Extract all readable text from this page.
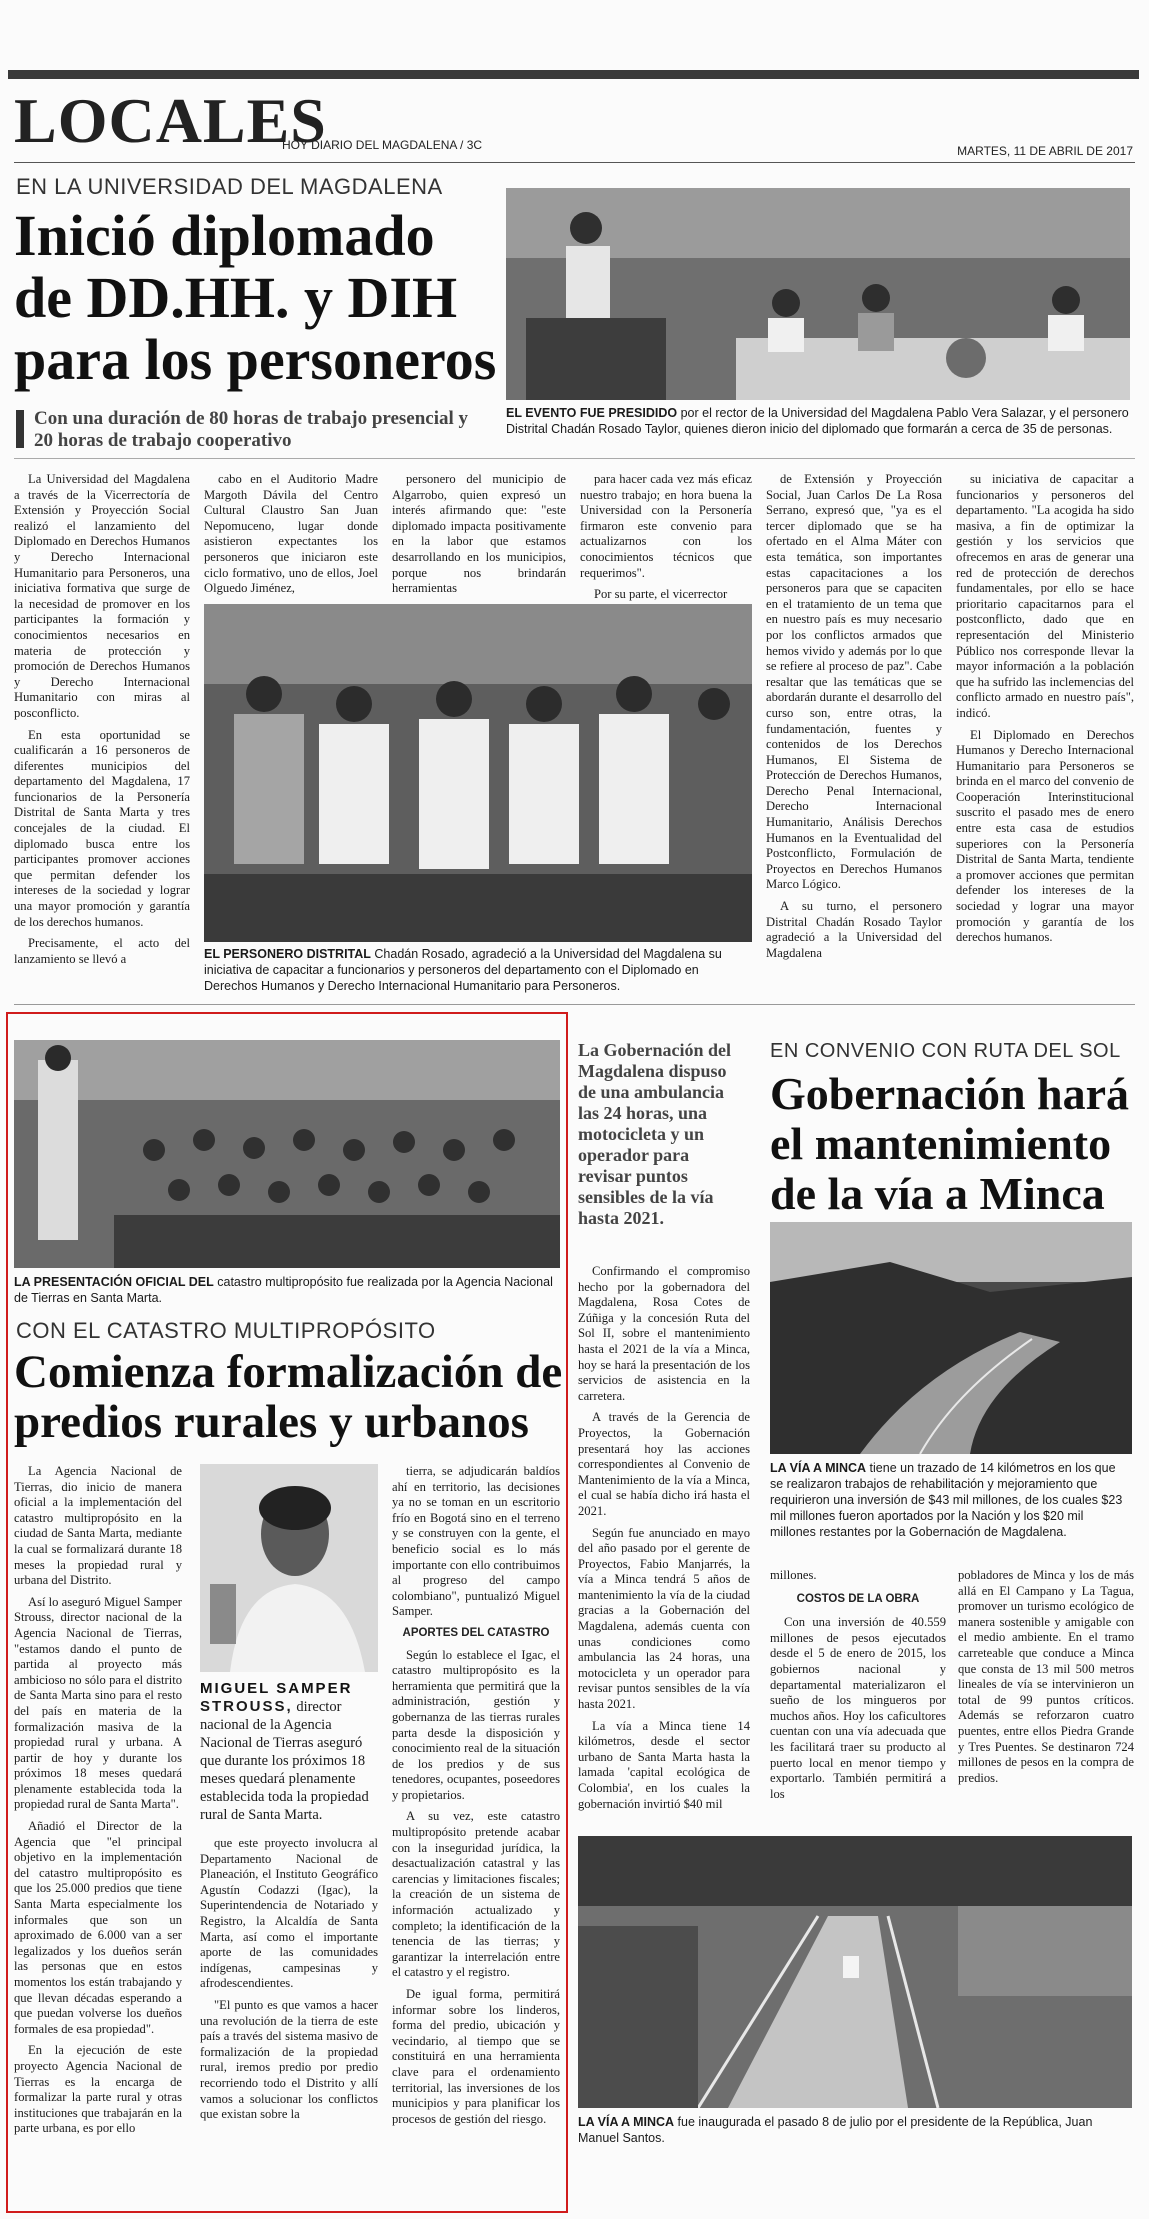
LOCALES
HOY DIARIO DEL MAGDALENA / 3C	MARTES, 11 DE ABRIL DE 2017
EN LA UNIVERSIDAD DEL MAGDALENA
Inició diplomado
de DD.HH. y DIH
para los personeros
Con una duración de 80 horas de trabajo presencial y 20 horas de trabajo cooperativo
EL EVENTO FUE PRESIDIDO por el rector de la Universidad del Magdalena Pablo Vera Salazar, y el personero Distrital Chadán Rosado Taylor, quienes dieron inicio del diplomado que formarán a cerca de 35 de personas.

La Universidad del Magdalena a través de la Vicerrectoría de Extensión y Proyección Social realizó el lanzamiento del Diplomado en Derechos Humanos y Derecho Internacional Humanitario para Personeros, una iniciativa formativa que surge de la necesidad de promover en los participantes la formación y conocimientos necesarios en materia de protección y promoción de Derechos Humanos y Derecho Internacional Humanitario con miras al posconflicto.

En esta oportunidad se cualificarán a 16 personeros de diferentes municipios del departamento del Magdalena, 17 funcionarios de la Personería Distrital de Santa Marta y tres concejales de la ciudad. El diplomado busca entre los participantes promover acciones que permitan defender los intereses de la sociedad y lograr una mayor promoción y garantía de los derechos humanos.

Precisamente, el acto del lanzamiento se llevó a

cabo en el Auditorio Madre Margoth Dávila del Centro Cultural Claustro San Juan Nepomuceno, lugar donde asistieron expectantes los personeros que iniciaron este ciclo formativo, uno de ellos, Joel Olguedo Jiménez,

personero del municipio de Algarrobo, quien expresó un interés afirmando que: "este diplomado impacta positivamente en la labor que estamos desarrollando en los municipios, porque nos brindarán herramientas

para hacer cada vez más eficaz nuestro trabajo; en hora buena la Universidad con la Personería firmaron este convenio para actualizarnos con los conocimientos técnicos que requerimos".

Por su parte, el vicerrector

EL PERSONERO DISTRITAL Chadán Rosado, agradeció a la Universidad del Magdalena su iniciativa de capacitar a funcionarios y personeros del departamento con el Diplomado en Derechos Humanos y Derecho Internacional Humanitario para Personeros.

de Extensión y Proyección Social, Juan Carlos De La Rosa Serrano, expresó que, "ya es el tercer diplomado que se ha ofertado en el Alma Máter con esta temática, son importantes estas capacitaciones a los personeros para que se capaciten en el tratamiento de un tema que en nuestro país es muy necesario por los conflictos armados que hemos vivido y además por lo que se refiere al proceso de paz". Cabe resaltar que las temáticas que se abordarán durante el desarrollo del curso son, entre otras, la fundamentación, fuentes y contenidos de los Derechos Humanos, El Sistema de Protección de Derechos Humanos, Derecho Penal Internacional, Derecho Internacional Humanitario, Análisis Derechos Humanos en la Eventualidad del Postconflicto, Formulación de Proyectos en Derechos Humanos Marco Lógico.

A su turno, el personero Distrital Chadán Rosado Taylor agradeció a la Universidad del Magdalena

su iniciativa de capacitar a funcionarios y personeros del departamento. "La acogida ha sido masiva, a fin de optimizar la gestión y los servicios que ofrecemos en aras de generar una red de protección de derechos fundamentales, por ello se hace prioritario capacitarnos para el postconflicto, dado que en representación del Ministerio Público nos corresponde llevar la mayor información a la población que ha sufrido las inclemencias del conflicto armado en nuestro país", indicó.

El Diplomado en Derechos Humanos y Derecho Internacional Humanitario para Personeros se brinda en el marco del convenio de Cooperación Interinstitucional suscrito el pasado mes de enero entre esta casa de estudios superiores con la Personería Distrital de Santa Marta, tendiente a promover acciones que permitan defender los intereses de la sociedad y lograr una mayor promoción y garantía de los derechos humanos.

LA PRESENTACIÓN OFICIAL DEL catastro multipropósito fue realizada por la Agencia Nacional de Tierras en Santa Marta.
CON EL CATASTRO MULTIPROPÓSITO
Comienza formalización de
predios rurales y urbanos

La Agencia Nacional de Tierras, dio inicio de manera oficial a la implementación del catastro multipropósito en la ciudad de Santa Marta, mediante la cual se formalizará durante 18 meses la propiedad rural y urbana del Distrito.

Así lo aseguró Miguel Samper Strouss, director nacional de la Agencia Nacional de Tierras, "estamos dando el punto de partida al proyecto más ambicioso no sólo para el distrito de Santa Marta sino para el resto del país en materia de la formalización masiva de la propiedad rural y urbana. A partir de hoy y durante los próximos 18 meses quedará plenamente establecida toda la propiedad rural de Santa Marta".

Añadió el Director de la Agencia que "el principal objetivo en la implementación del catastro multipropósito es que los 25.000 predios que tiene Santa Marta especialmente los informales que son un aproximado de 6.000 van a ser legalizados y los dueños serán las personas que en estos momentos los están trabajando y que llevan décadas esperando a que puedan volverse los dueños formales de esa propiedad".

En la ejecución de este proyecto Agencia Nacional de Tierras es la encarga de formalizar la parte rural y otras instituciones que trabajarán en la parte urbana, es por ello

MIGUEL SAMPER
STROUSS, director nacional de la Agencia Nacional de Tierras aseguró que durante los próximos 18 meses quedará plenamente establecida toda la propiedad rural de Santa Marta.

que este proyecto involucra al Departamento Nacional de Planeación, el Instituto Geográfico Agustín Codazzi (Igac), la Superintendencia de Notariado y Registro, la Alcaldía de Santa Marta, así como el importante aporte de las comunidades indígenas, campesinas y afrodescendientes.

"El punto es que vamos a hacer una revolución de la tierra de este país a través del sistema masivo de formalización de la propiedad rural, iremos predio por predio recorriendo todo el Distrito y allí vamos a solucionar los conflictos que existan sobre la

tierra, se adjudicarán baldíos ahí en territorio, las decisiones ya no se toman en un escritorio frío en Bogotá sino en el terreno y se construyen con la gente, el beneficio social es lo más importante con ello contribuimos al progreso del campo colombiano", puntualizó Miguel Samper.

APORTES DEL CATASTRO

Según lo establece el Igac, el catastro multipropósito es la herramienta que permitirá que la administración, gestión y gobernanza de las tierras rurales parta desde la disposición y conocimiento real de la situación de los predios y de sus tenedores, ocupantes, poseedores y propietarios.

A su vez, este catastro multipropósito pretende acabar con la inseguridad jurídica, la desactualización catastral y las carencias y limitaciones fiscales; la creación de un sistema de información actualizado y completo; la identificación de la tenencia de las tierras; y garantizar la interrelación entre el catastro y el registro.

De igual forma, permitirá informar sobre los linderos, forma del predio, ubicación y vecindario, al tiempo que se constituirá en una herramienta clave para el ordenamiento territorial, las inversiones de los municipios y para planificar los procesos de gestión del riesgo.

La Gobernación del Magdalena dispuso de una ambulancia las 24 horas, una motocicleta y un operador para revisar puntos sensibles de la vía hasta 2021.
EN CONVENIO CON RUTA DEL SOL
Gobernación hará
el mantenimiento
de la vía a Minca

Confirmando el compromiso hecho por la gobernadora del Magdalena, Rosa Cotes de Zúñiga y la concesión Ruta del Sol II, sobre el mantenimiento hasta el 2021 de la vía a Minca, hoy se hará la presentación de los servicios de asistencia en la carretera.

A través de la Gerencia de Proyectos, la Gobernación presentará hoy las acciones correspondientes al Convenio de Mantenimiento de la vía a Minca, el cual se había dicho irá hasta el 2021.

Según fue anunciado en mayo del año pasado por el gerente de Proyectos, Fabio Manjarrés, la vía a Minca tendrá 5 años de mantenimiento la vía de la ciudad gracias a la Gobernación del Magdalena, además cuenta con unas condiciones como ambulancia las 24 horas, una motocicleta y un operador para revisar puntos sensibles de la vía hasta 2021.

La vía a Minca tiene 14 kilómetros, desde el sector urbano de Santa Marta hasta la lamada 'capital ecológica de Colombia', en los cuales la gobernación invirtió $40 mil

LA VÍA A MINCA tiene un trazado de 14 kilómetros en los que se realizaron trabajos de rehabilitación y mejoramiento que requirieron una inversión de $43 mil millones, de los cuales $23 mil millones fueron aportados por la Nación y los $20 mil millones restantes por la Gobernación de Magdalena.

millones.

COSTOS DE LA OBRA

Con una inversión de 40.559 millones de pesos ejecutados desde el 5 de enero de 2015, los gobiernos nacional y departamental materializaron el sueño de los mingueros por muchos años. Hoy los caficultores cuentan con una vía adecuada que les facilitará traer su producto al puerto local en menor tiempo y exportarlo. También permitirá a los

pobladores de Minca y los de más allá en El Campano y La Tagua, promover un turismo ecológico de manera sostenible y amigable con el medio ambiente. En el tramo carreteable que conduce a Minca que consta de 13 mil 500 metros lineales de vía se intervinieron un total de 99 puntos críticos. Además se reforzaron cuatro puentes, entre ellos Piedra Grande y Tres Puentes. Se destinaron 724 millones de pesos en la compra de predios.

LA VÍA A MINCA fue inaugurada el pasado 8 de julio por el presidente de la República, Juan Manuel Santos.
